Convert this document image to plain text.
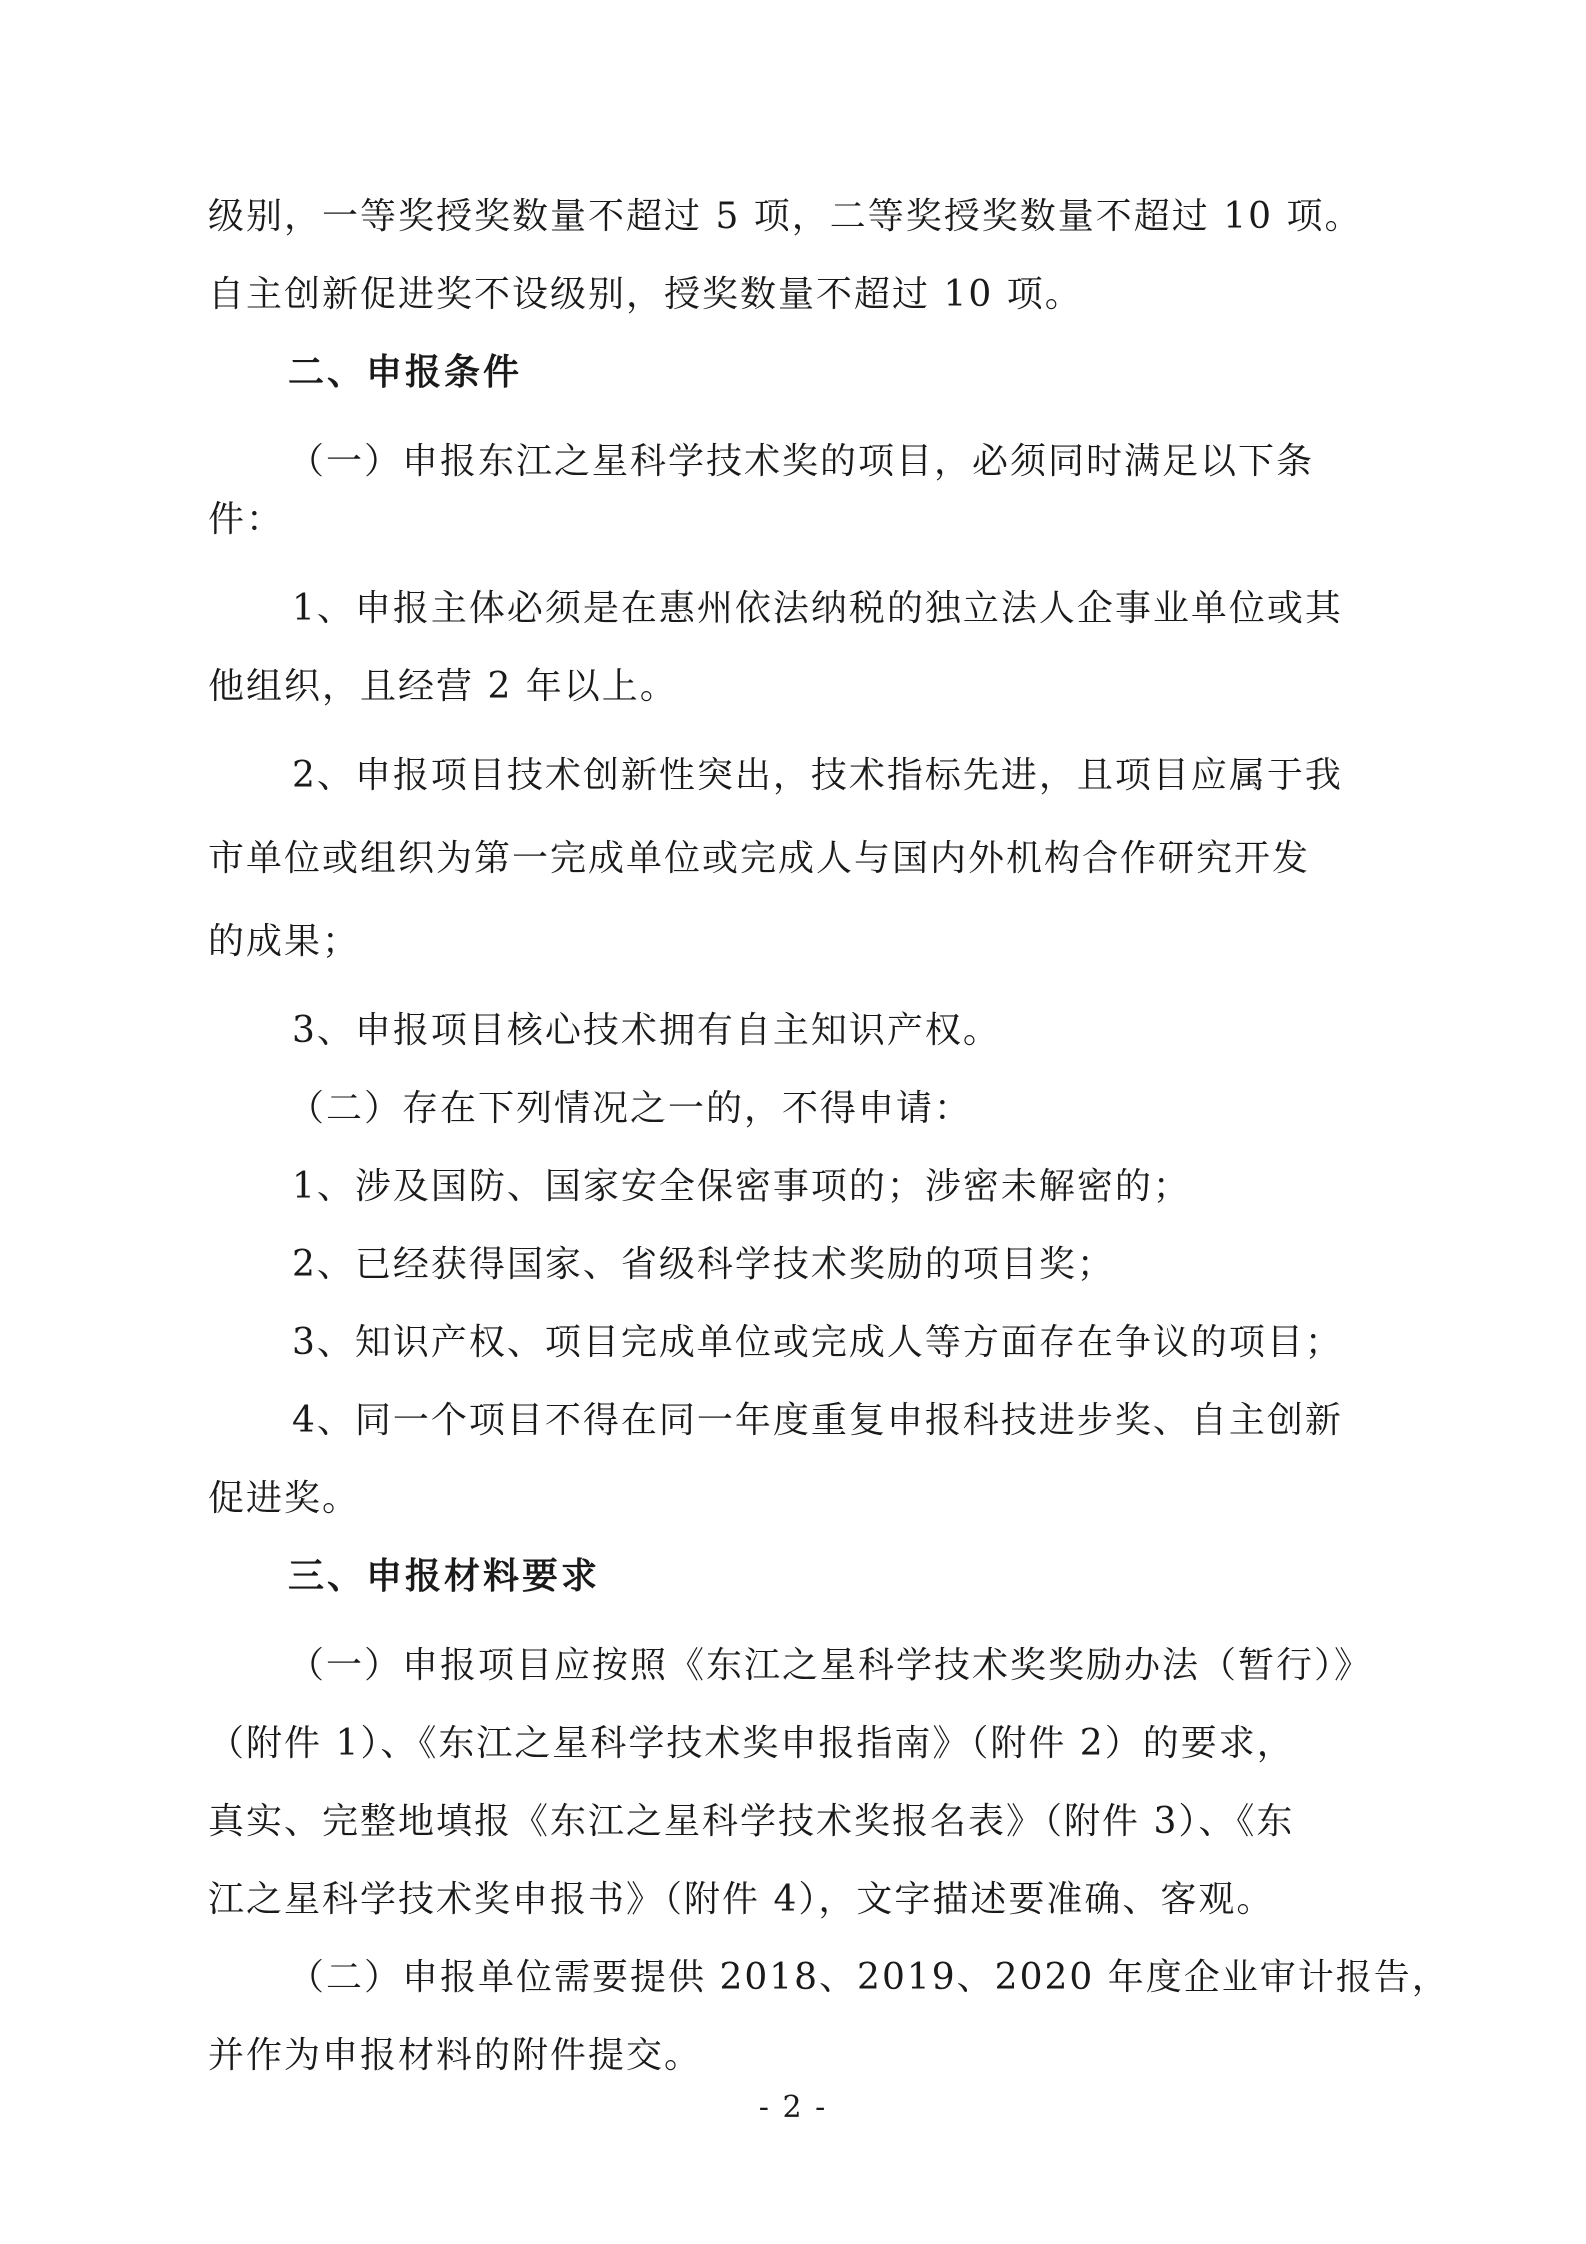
级别，一等奖授奖数量不超过 5 项，二等奖授奖数量不超过 10 项。
自主创新促进奖不设级别，授奖数量不超过 10 项。
二、申报条件
（一）申报东江之星科学技术奖的项目，必须同时满足以下条
件：
1、申报主体必须是在惠州依法纳税的独立法人企事业单位或其
他组织，且经营 2 年以上。
2、申报项目技术创新性突出，技术指标先进，且项目应属于我
市单位或组织为第一完成单位或完成人与国内外机构合作研究开发
的成果；
3、申报项目核心技术拥有自主知识产权。
（二）存在下列情况之一的，不得申请：
1、涉及国防、国家安全保密事项的；涉密未解密的；
2、已经获得国家、省级科学技术奖励的项目奖；
3、知识产权、项目完成单位或完成人等方面存在争议的项目；
4、同一个项目不得在同一年度重复申报科技进步奖、自主创新
促进奖。
三、申报材料要求
（一）申报项目应按照《东江之星科学技术奖奖励办法（暂行）》
（附件 1）、《东江之星科学技术奖申报指南》（附件 2）的要求，
真实、完整地填报《东江之星科学技术奖报名表》（附件 3）、《东
江之星科学技术奖申报书》（附件 4），文字描述要准确、客观。
（二）申报单位需要提供 2018、2019、2020 年度企业审计报告，
并作为申报材料的附件提交。
- 2 -
